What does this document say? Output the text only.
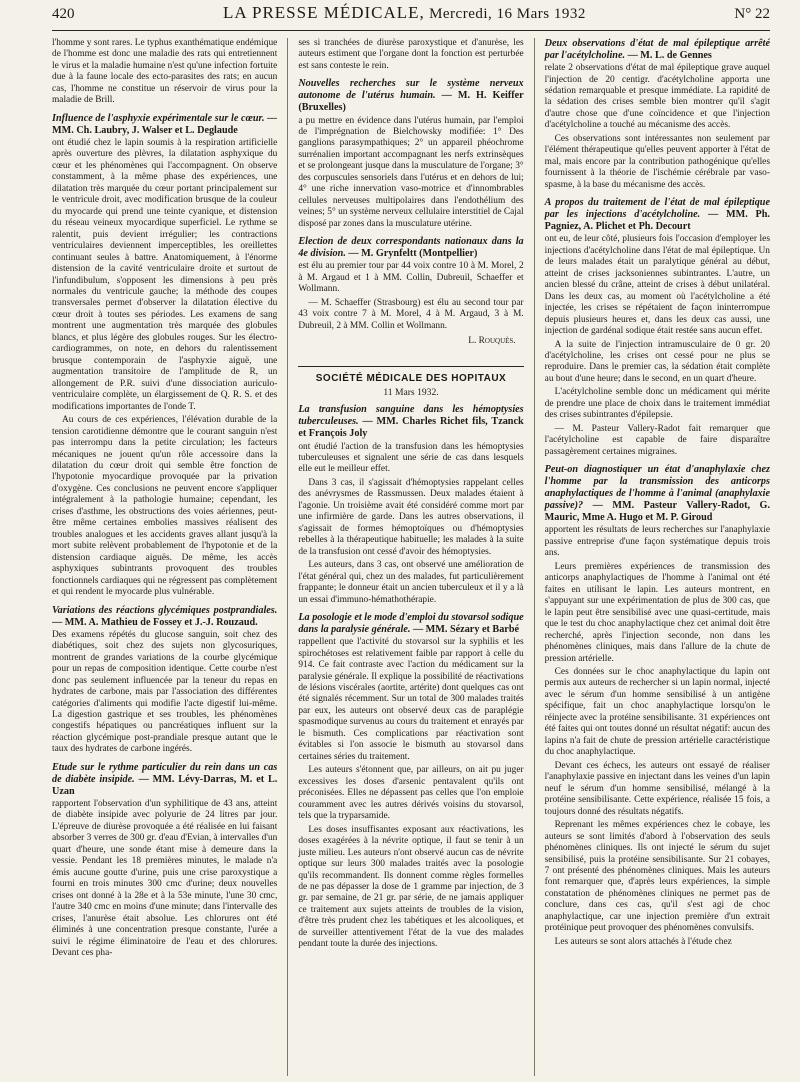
420	LA PRESSE MÉDICALE, Mercredi, 16 Mars 1932	N° 22

l'homme y sont rares. Le typhus exanthématique endémique de l'homme est donc une maladie des rats qui entretiennent le virus et la maladie humaine n'est qu'une infection fortuite due à la faune locale des ecto-parasites des rats; en aucun cas, l'homme ne constitue un réservoir de virus pour la maladie de Brill.

Influence de l'asphyxie expérimentale sur le cœur. — MM. Ch. Laubry, J. Walser et L. Deglaude

ont étudié chez le lapin soumis à la respiration artificielle après ouverture des plèvres, la dilatation asphyxique du cœur et les phénomènes qui l'accompagnent. On observe constamment, à la même phase des expériences, une dilatation très marquée du cœur portant principalement sur le ventricule droit, avec modification brusque de la couleur du myocarde qui prend une teinte cyanique, et distension du réseau veineux myocardique superficiel. Le rythme se ralentit, puis devient irrégulier; les contractions ventriculaires deviennent imperceptibles, les oreillettes continuant seules à battre. Anatomiquement, à l'énorme distension de la cavité ventriculaire droite et surtout de l'infundibulum, s'opposent les dimensions à peu près normales du ventricule gauche; la méthode des coupes transversales permet d'observer la dilatation élective du cœur droit à toutes ses périodes. Les examens de sang montrent une augmentation très marquée des globules blancs, et plus légère des globules rouges. Sur les électro-cardiogrammes, on note, en dehors du ralentissement brusque contemporain de l'asphyxie aiguë, une augmentation transitoire de l'amplitude de R, un allongement de P.R. suivi d'une dissociation auriculo-ventriculaire complète, un élargissement de Q. R. S. et des modifications importantes de l'onde T.

Au cours de ces expériences, l'élévation durable de la tension carotidienne démontre que le courant sanguin n'est pas interrompu dans la petite circulation; les facteurs mécaniques ne jouent qu'un rôle accessoire dans la dilatation du cœur droit qui semble être fonction de l'hypotonie myocardique provoquée par la privation d'oxygène. Ces conclusions ne peuvent encore s'appliquer intégralement à la pathologie humaine; cependant, les crises d'asthme, les obstructions des voies aériennes, peut-être même certaines embolies massives réalisent des troubles analogues et les accidents graves allant jusqu'à la mort subite relèvent probablement de l'hypotonie et de la distension cardiaque aiguës. De même, les accès asphyxiques subintrants provoquent des troubles fonctionnels cardiaques qui ne régressent pas complètement et qui rendent le myocarde plus vulnérable.

Variations des réactions glycémiques postprandiales. — MM. A. Mathieu de Fossey et J.-J. Rouzaud.

Des examens répétés du glucose sanguin, soit chez des diabétiques, soit chez des sujets non glycosuriques, montrent de grandes variations de la courbe glycémique pour un repas de composition identique. Cette courbe n'est donc pas seulement influencée par la teneur du repas en hydrates de carbone, mais par l'association des différentes catégories d'aliments qui modifie l'acte digestif lui-même. La digestion gastrique et ses troubles, les phénomènes congestifs hépatiques ou pancréatiques influent sur la réaction glycémique post-prandiale presque autant que le taux des hydrates de carbone ingérés.

Etude sur le rythme particulier du rein dans un cas de diabète insipide. — MM. Lévy-Darras, M. et L. Uzan

rapportent l'observation d'un syphilitique de 43 ans, atteint de diabète insipide avec polyurie de 24 litres par jour. L'épreuve de diurèse provoquée a été réalisée en lui faisant absorber 3 verres de 300 gr. d'eau d'Evian, à intervalles d'un quart d'heure, une sonde étant mise à demeure dans la vessie. Pendant les 18 premières minutes, le malade n'a émis aucune goutte d'urine, puis une crise paroxystique a fourni en trois minutes 300 cmc d'urine; deux nouvelles crises ont donné à la 28e et à la 53e minute, l'une 30 cmc, l'autre 340 cmc en moins d'une minute; dans l'intervalle des crises, l'anurèse était absolue. Les chlorures ont été éliminés à une concentration presque constante, l'urée a suivi le régime éliminatoire de l'eau et des chlorures. Devant ces pha-

ses si tranchées de diurèse paroxystique et d'anurèse, les auteurs estiment que l'organe dont la fonction est perturbée est sans conteste le rein.

Nouvelles recherches sur le système nerveux autonome de l'utérus humain. — M. H. Keiffer (Bruxelles)

a pu mettre en évidence dans l'utérus humain, par l'emploi de l'imprégnation de Bielchowsky modifiée: 1° Des ganglions parasympathiques; 2° un appareil phéochrome surrénalien important accompagnant les nerfs extrinsèques et se prolongeant jusque dans la musculature de l'organe; 3° des corpuscules sensoriels dans l'utérus et en dehors de lui; 4° une riche innervation vaso-motrice et d'innombrables cellules nerveuses multipolaires dans l'endothélium des veines; 5° un système nerveux cellulaire interstitiel de Cajal disposé par zones dans la musculature utérine.

Election de deux correspondants nationaux dans la 4e division. — M. Grynfeltt (Montpellier)

est élu au premier tour par 44 voix contre 10 à M. Morel, 2 à M. Argaud et 1 à MM. Collin, Dubreuil, Schaeffer et Wollmann.

— M. Schaeffer (Strasbourg) est élu au second tour par 43 voix contre 7 à M. Morel, 4 à M. Argaud, 3 à M. Dubreuil, 2 à MM. Collin et Wollmann.

L. Rouquès.
SOCIÉTÉ MÉDICALE DES HOPITAUX
11 Mars 1932.
La transfusion sanguine dans les hémoptysies tuberculeuses. — MM. Charles Richet fils, Tzanck et François Joly

ont étudié l'action de la transfusion dans les hémoptysies tuberculeuses et signalent une série de cas dans lesquels elle eut le meilleur effet.

Dans 3 cas, il s'agissait d'hémoptysies rappelant celles des anévrysmes de Rassmussen. Deux malades étaient à l'agonie. Un troisième avait été considéré comme mort par une infirmière de garde. Dans les autres observations, il s'agissait de formes hémoptoïques ou d'hémoptysies rebelles à la thérapeutique habituelle; les malades à la suite de la transfusion ont cessé d'avoir des hémoptysies.

Les auteurs, dans 3 cas, ont observé une amélioration de l'état général qui, chez un des malades, fut particulièrement frappante; le donneur était un ancien tuberculeux et il y a là un essai d'immuno-hémathothérapie.

La posologie et le mode d'emploi du stovarsol sodique dans la paralysie générale. — MM. Sézary et Barbé

rappellent que l'activité du stovarsol sur la syphilis et les spirochétoses est relativement faible par rapport à celle du 914. Ce fait contraste avec l'action du médicament sur la paralysie générale. Il explique la possibilité de réactivations de lésions viscérales (aortite, artérite) dont quelques cas ont été signalés récemment. Sur un total de 300 malades traités par eux, les auteurs ont observé deux cas de paraplégie spasmodique survenus au cours du traitement et enrayés par le bismuth. Ces complications par réactivation sont évitables si l'on associe le bismuth au stovarsol dans certaines séries du traitement.

Les auteurs s'étonnent que, par ailleurs, on ait pu juger excessives les doses d'arsenic pentavalent qu'ils ont préconisées. Elles ne dépassent pas celles que l'on emploie couramment avec les autres dérivés voisins du stovarsol, tels que la tryparsamide.

Les doses insuffisantes exposant aux réactivations, les doses exagérées à la névrite optique, il faut se tenir à un juste milieu. Les auteurs n'ont observé aucun cas de névrite optique sur leurs 300 malades traités avec la posologie qu'ils recommandent. Ils donnent comme règles formelles de ne pas dépasser la dose de 1 gramme par injection, de 3 gr. par semaine, de 21 gr. par série, de ne jamais appliquer ce traitement aux sujets atteints de troubles de la vision, d'être très prudent chez les tabétiques et les alcooliques, et de surveiller attentivement l'état de la vue des malades pendant toute la durée des injections.

Deux observations d'état de mal épileptique arrêté par l'acétylcholine. — M. L. de Gennes

relate 2 observations d'état de mal épileptique grave auquel l'injection de 20 centigr. d'acétylcholine apporta une sédation remarquable et presque immédiate. La rapidité de la sédation des crises semble bien montrer qu'il s'agit d'autre chose que d'une coïncidence et que l'injection d'acétylcholine a touché au mécanisme des accès.

Ces observations sont intéressantes non seulement par l'élément thérapeutique qu'elles peuvent apporter à l'état de mal, mais encore par la contribution pathogénique qu'elles fournissent à la théorie de l'ischémie cérébrale par vaso-spasme, à la base du mécanisme des accès.

A propos du traitement de l'état de mal épileptique par les injections d'acétylcholine. — MM. Ph. Pagniez, A. Plichet et Ph. Decourt

ont eu, de leur côté, plusieurs fois l'occasion d'employer les injections d'acétylcholine dans l'état de mal épileptique. Un de leurs malades était un paralytique général au début, atteint de crises jacksoniennes subintrantes. L'autre, un ancien blessé du crâne, atteint de crises à début unilatéral. Dans les deux cas, au moment où l'acétylcholine a été injectée, les crises se répétaient de façon ininterrompue depuis plusieurs heures et, dans les deux cas aussi, une injection de gardénal sodique était restée sans aucun effet.

A la suite de l'injection intramusculaire de 0 gr. 20 d'acétylcholine, les crises ont cessé pour ne plus se reproduire. Dans le premier cas, la sédation était complète au bout d'une heure; dans le second, en un quart d'heure.

L'acétylcholine semble donc un médicament qui mérite de prendre une place de choix dans le traitement immédiat des crises subintrantes d'épilepsie.

— M. Pasteur Vallery-Radot fait remarquer que l'acétylcholine est capable de faire disparaître passagèrement certaines migraines.

Peut-on diagnostiquer un état d'anaphylaxie chez l'homme par la transmission des anticorps anaphylactiques de l'homme à l'animal (anaphylaxie passive)? — MM. Pasteur Vallery-Radot, G. Mauric, Mme A. Hugo et M. P. Giroud

apportent les résultats de leurs recherches sur l'anaphylaxie passive entreprise d'une façon systématique depuis trois ans.

Leurs premières expériences de transmission des anticorps anaphylactiques de l'homme à l'animal ont été faites en utilisant le lapin. Les auteurs montrent, en s'appuyant sur une expérimentation de plus de 300 cas, que le lapin peut être sensibilisé avec une quasi-certitude, mais que le test du choc anaphylactique chez cet animal doit être recherché, après l'injection seconde, non dans les phénomènes cliniques, mais dans l'allure de la chute de pression artérielle.

Ces données sur le choc anaphylactique du lapin ont permis aux auteurs de rechercher si un lapin normal, injecté avec le sérum d'un homme sensibilisé à un antigène spécifique, fait un choc anaphylactique lorsqu'on le réinjecte avec la protéine sensibilisante. 31 expériences ont été faites qui ont toutes donné un résultat négatif: aucun des lapins n'a fait de chute de pression artérielle caractéristique du choc anaphylactique.

Devant ces échecs, les auteurs ont essayé de réaliser l'anaphylaxie passive en injectant dans les veines d'un lapin neuf le sérum d'un homme sensibilisé, mélangé à la protéine sensibilisante. Cette expérience, réalisée 15 fois, a toujours donné des résultats négatifs.

Reprenant les mêmes expériences chez le cobaye, les auteurs se sont limités d'abord à l'observation des seuls phénomènes cliniques. Ils ont injecté le sérum du sujet sensibilisé, puis la protéine sensibilisante. Sur 21 cobayes, 7 ont présenté des phénomènes cliniques. Mais les auteurs font remarquer que, d'après leurs expériences, la simple constatation de phénomènes cliniques ne permet pas de conclure, dans ces cas, qu'il s'est agi de choc anaphylactique, car une injection première d'un extrait protéinique peut provoquer des phénomènes convulsifs.

Les auteurs se sont alors attachés à l'étude chez
